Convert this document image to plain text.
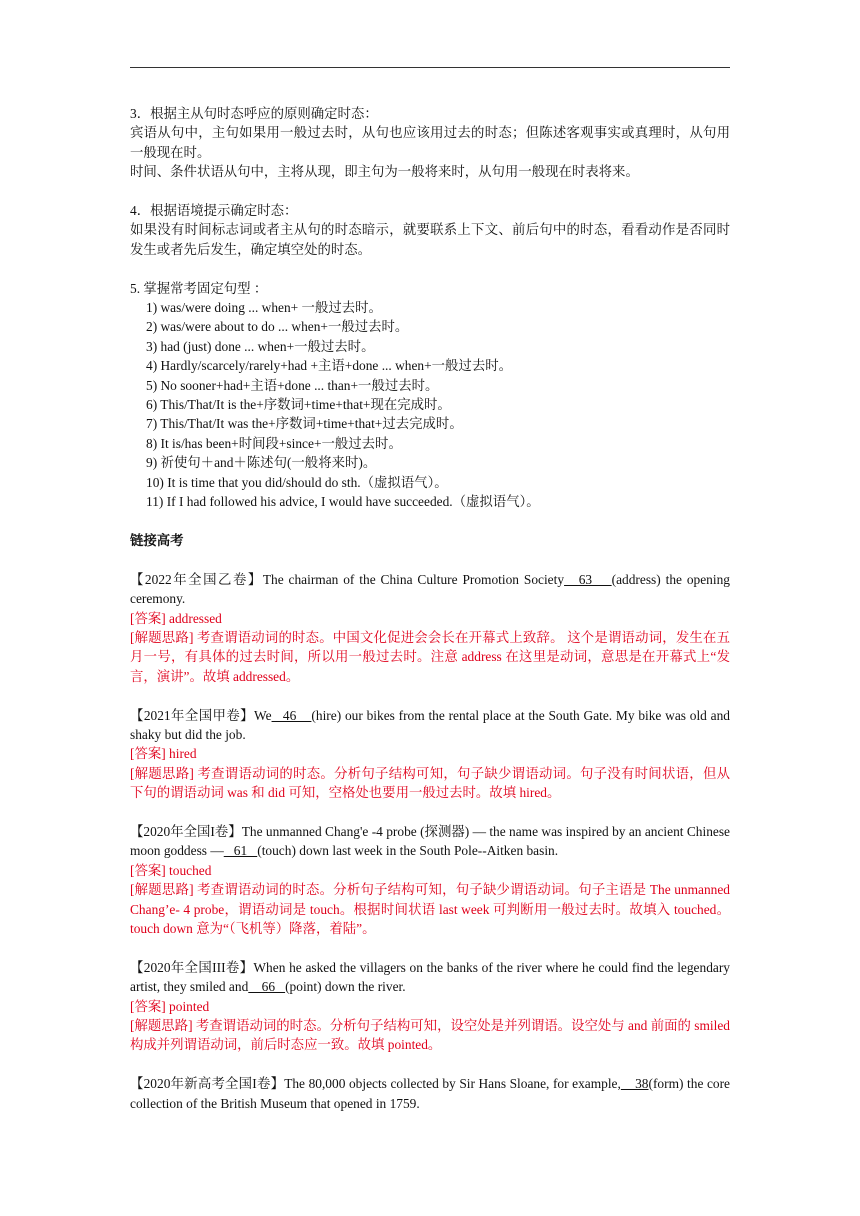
3．根据主从句时态呼应的原则确定时态：

宾语从句中，主句如果用一般过去时，从句也应该用过去的时态；但陈述客观事实或真理时，从句用一般现在时。

时间、条件状语从句中，主将从现，即主句为一般将来时，从句用一般现在时表将来。

4．根据语境提示确定时态：

如果没有时间标志词或者主从句的时态暗示，就要联系上下文、前后句中的时态，看看动作是否同时发生或者先后发生，确定填空处的时态。

5. 掌握常考固定句型 ：

1) was/were doing ... when+ 一般过去时。

2) was/were about to do ... when+一般过去时。

3) had (just) done ... when+一般过去时。

4) Hardly/scarcely/rarely+had +主语+done ... when+一般过去时。

5) No sooner+had+主语+done ... than+一般过去时。

6) This/That/It is the+序数词+time+that+现在完成时。

7) This/That/It was the+序数词+time+that+过去完成时。

8) It is/has been+时间段+since+一般过去时。

9) 祈使句＋and＋陈述句(一般将来时)。

10) It is time that you did/should do sth.（虚拟语气）。

11) If I had followed his advice, I would have succeeded.（虚拟语气）。

链接高考

【2022年全国乙卷】The chairman of the China Culture Promotion Society   63    (address) the opening ceremony.

[答案] addressed

[解题思路] 考查谓语动词的时态。中国文化促进会会长在开幕式上致辞。 这个是谓语动词，发生在五月一号，有具体的过去时间，所以用一般过去时。注意 address 在这里是动词，意思是在开幕式上“发言，演讲”。故填 addressed。

【2021年全国甲卷】We   46    (hire) our bikes from the rental place at the South Gate. My bike was old and shaky but did the job.

[答案] hired

[解题思路] 考查谓语动词的时态。分析句子结构可知，句子缺少谓语动词。句子没有时间状语，但从下句的谓语动词 was 和 did 可知，空格处也要用一般过去时。故填 hired。

【2020年全国I卷】The unmanned Chang'e -4 probe (探测器) — the name was inspired by an ancient Chinese moon goddess —   61   (touch) down last week in the South Pole--Aitken basin.

[答案] touched

[解题思路] 考查谓语动词的时态。分析句子结构可知，句子缺少谓语动词。句子主语是 The unmanned Chang’e- 4 probe，谓语动词是 touch。根据时间状语 last week 可判断用一般过去时。故填入 touched。touch down 意为“（飞机等）降落，着陆”。

【2020年全国III卷】When he asked the villagers on the banks of the river where he could find the legendary artist, they smiled and    66   (point) down the river.

[答案] pointed

[解题思路] 考查谓语动词的时态。分析句子结构可知，设空处是并列谓语。设空处与 and 前面的 smiled 构成并列谓语动词，前后时态应一致。故填 pointed。

【2020年新高考全国I卷】The 80,000 objects collected by Sir Hans Sloane, for example,    38(form) the core collection of the British Museum that opened in 1759.
